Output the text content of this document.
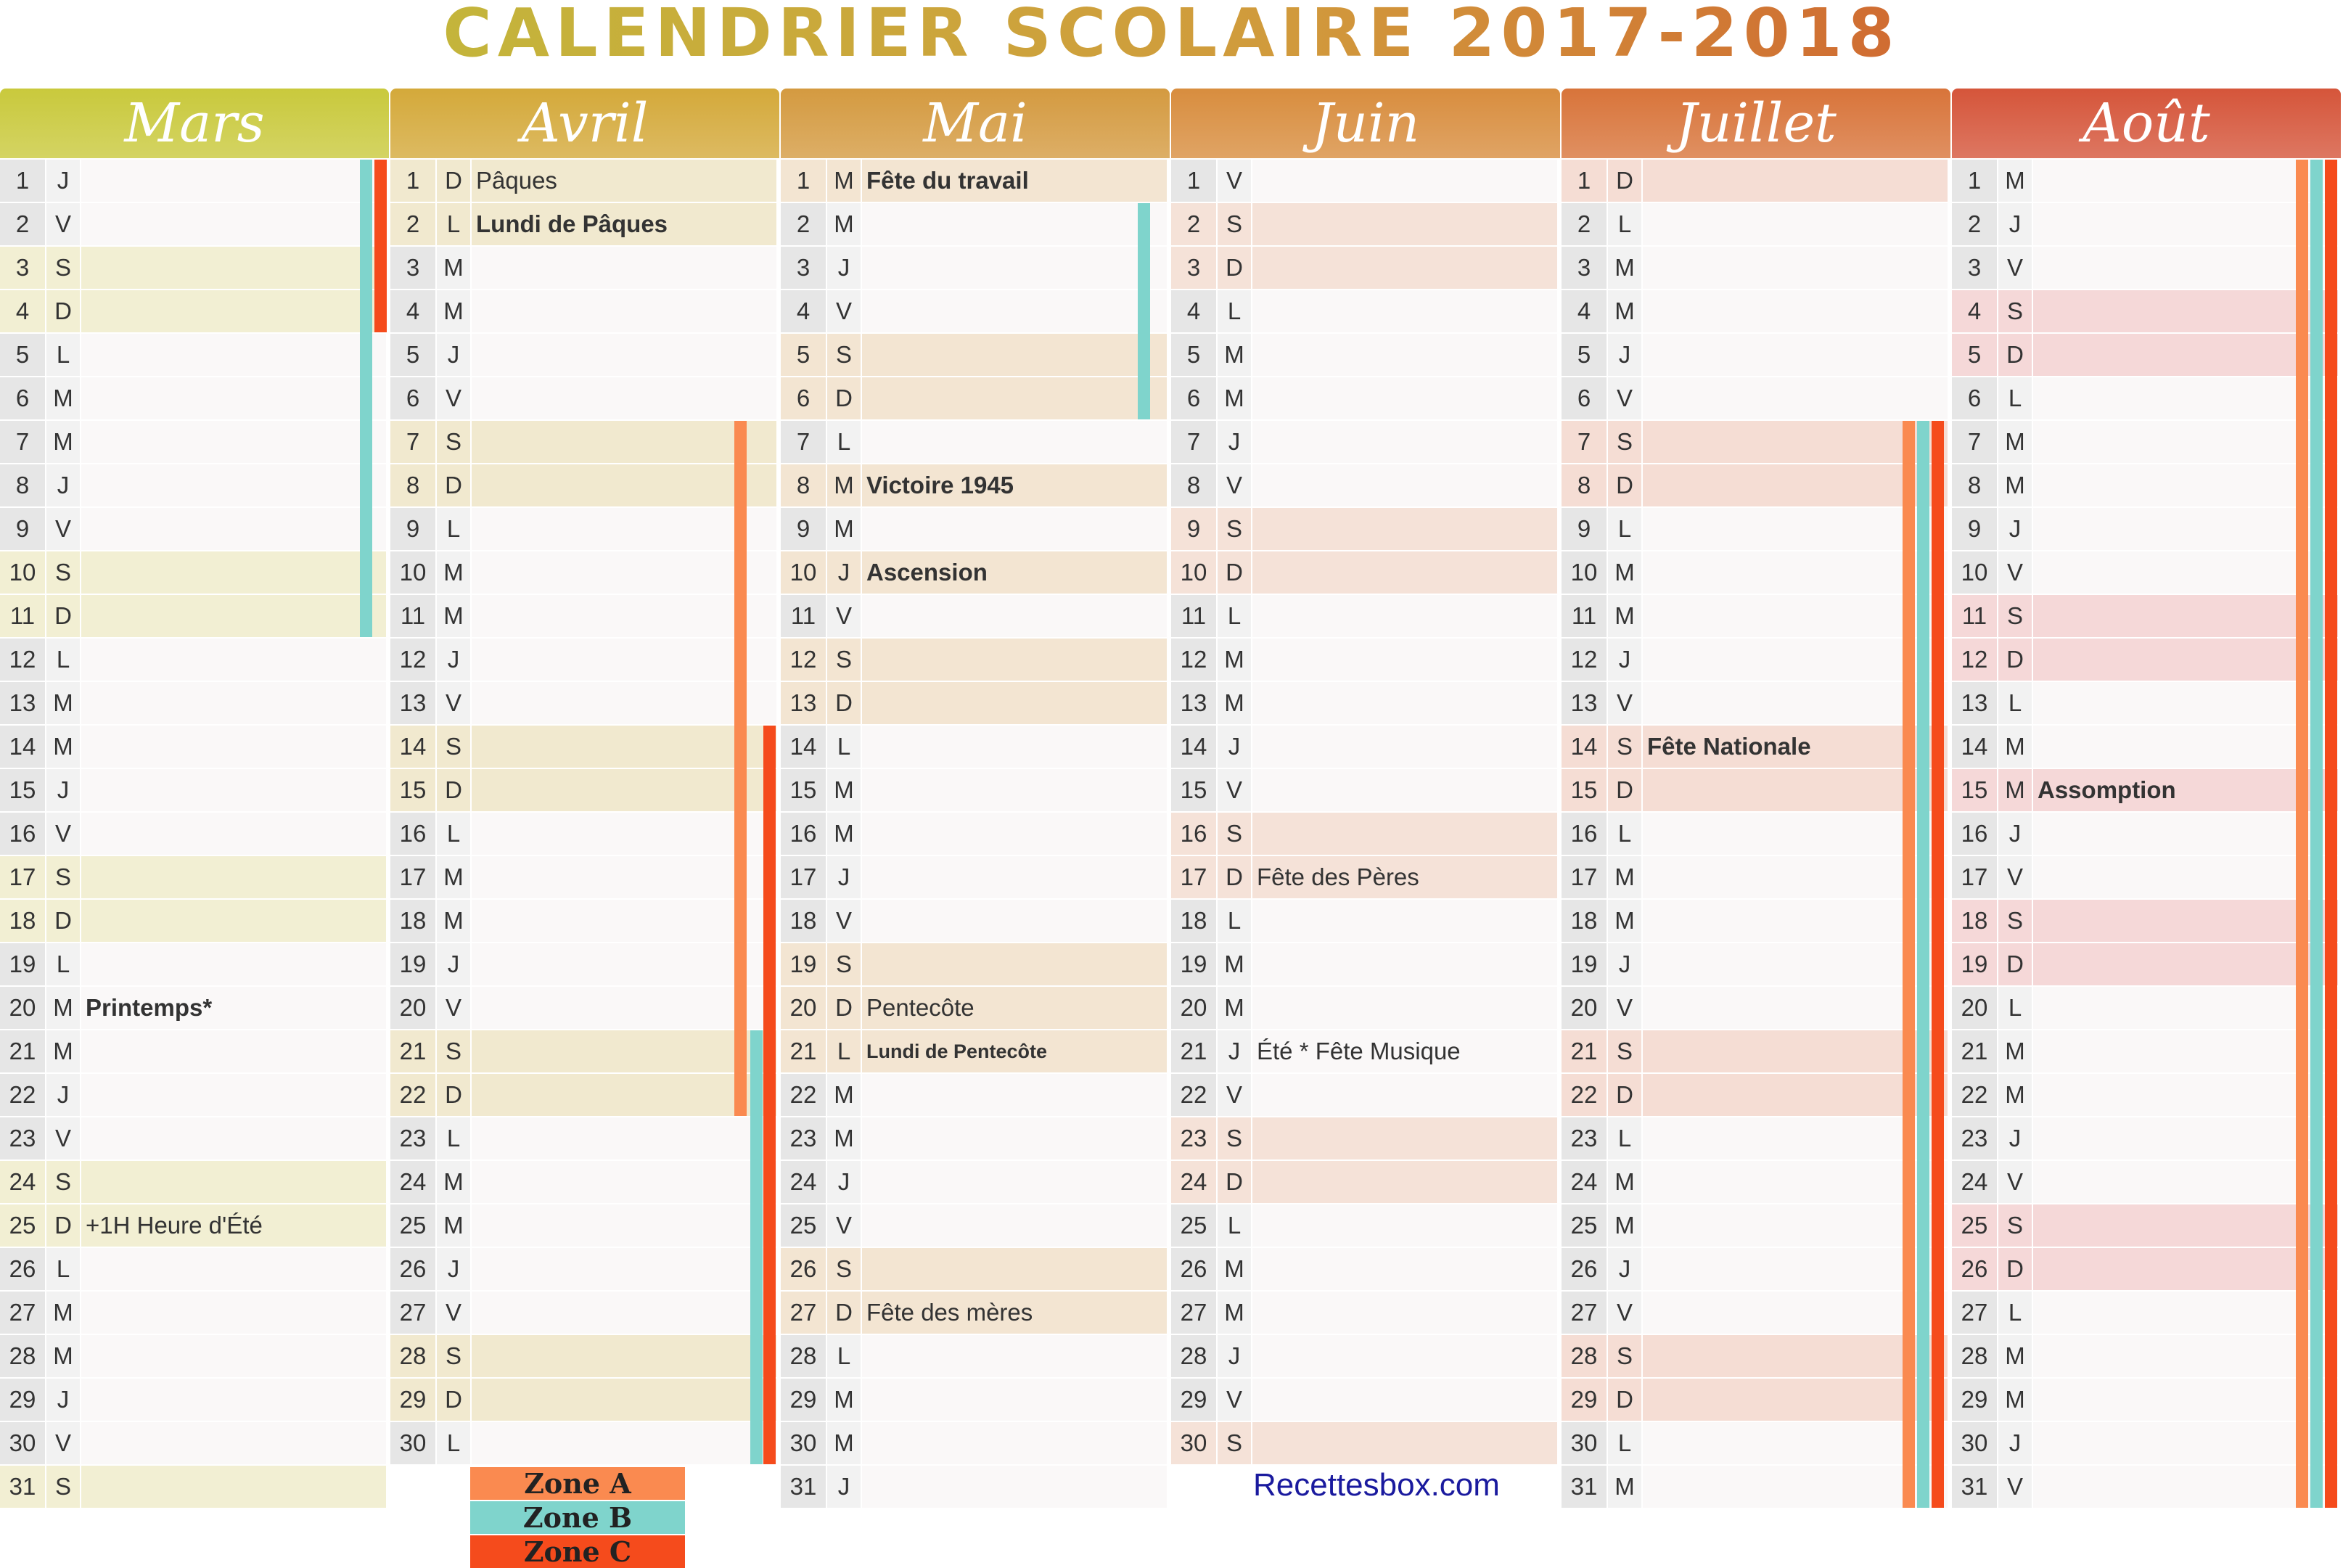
CALENDRIER SCOLAIRE 2017-2018
Mars
1	J
2	V
3	S
4	D
5	L
6	M
7	M
8	J
9	V
10 S
11 D
12 L
13 M
14 M
15 J
16 V
17 S
18 D
19 L
20 M Printemps*
21 M
22 J
23 V
24 S
25 D +1H Heure d'Été
26 L
27 M
28 M
29 J
30 V
31 S
Avril
1	D Pâques
2	L Lundi de Pâques
3	M
4	M
5	J
6	V
7	S
8	D
9	L
10 M
11 M
12 J
13 V
14 S
15 D
16 L
17 M
18 M
19 J
20 V
21 S
22 D
23 L
24 M
25 M
26 J
27 V
28 S
29 D
30 L
Mai
1	M Fête du travail
2	M
3	J
4	V
5	S
6	D
7	L
8	M Victoire 1945
9	M
10 J Ascension
11 V
12 S
13 D
14 L
15 M
16 M
17 J
18 V
19 S
20 D Pentecôte
21 L Lundi de Pentecôte
22 M
23 M
24 J
25 V
26 S
27 D Fête des mères
28 L
29 M
30 M
31 J
Juin
1	V
2	S
3	D
4	L
5	M
6	M
7	J
8	V
9	S
10 D
11 L
12 M
13 M
14 J
15 V
16 S
17 D Fête des Pères
18 L
19 M
20 M
21 J Été * Fête Musique
22 V
23 S
24 D
25 L
26 M
27 M
28 J
29 V
30 S
Juillet
1	D
2	L
3	M
4	M
5	J
6	V
7	S
8	D
9	L
10 M
11 M
12 J
13 V
14 S Fête Nationale
15 D
16 L
17 M
18 M
19 J
20 V
21 S
22 D
23 L
24 M
25 M
26 J
27 V
28 S
29 D
30 L
31 M
Août
1	M
2	J
3	V
4	S
5	D
6	L
7	M
8	M
9	J
10 V
11 S
12 D
13 L
14 M
15 M Assomption
16 J
17 V
18 S
19 D
20 L
21 M
22 M
23 J
24 V
25 S
26 D
27 L
28 M
29 M
30 J
31 V
Zone A
Zone B
Zone C
Recettesbox.com
